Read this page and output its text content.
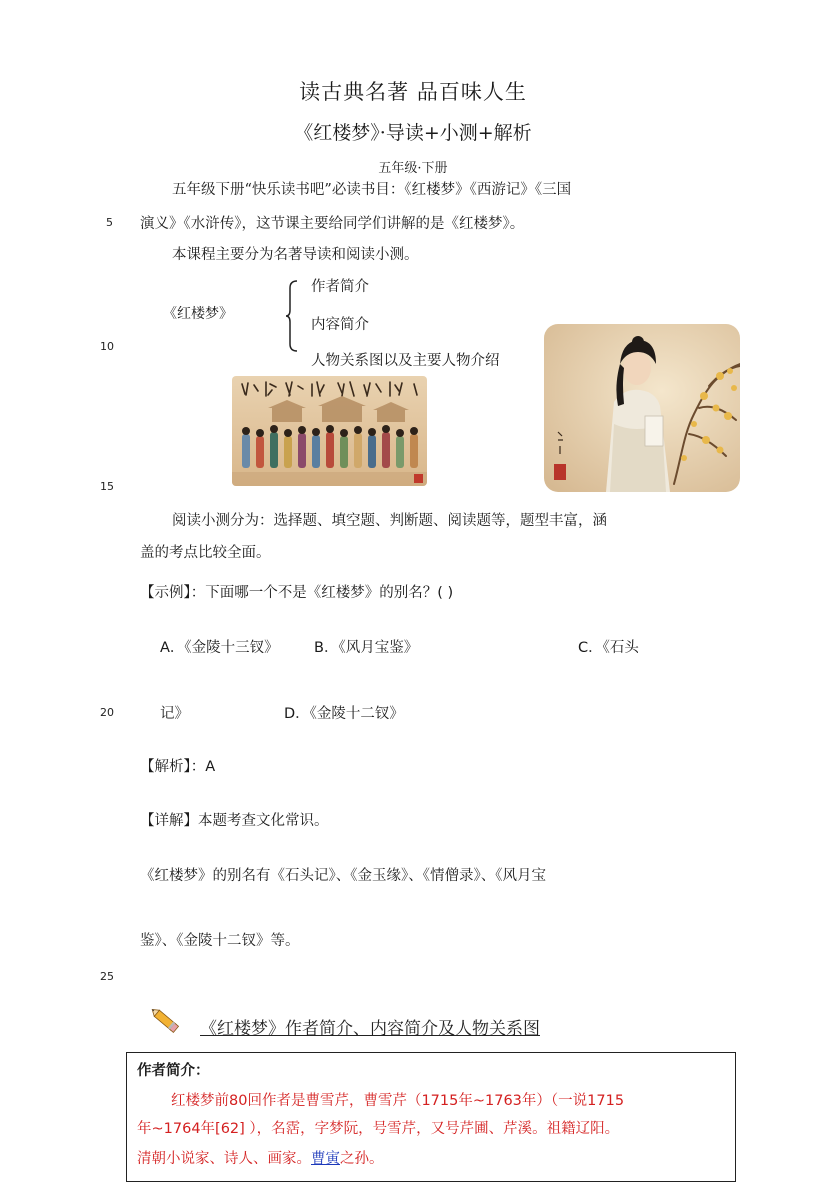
读古典名著 品百味人生
《红楼梦》·导读+小测+解析
五年级·下册
五年级下册“快乐读书吧”必读书目：《红楼梦》《西游记》《三国
演义》《水浒传》，这节课主要给同学们讲解的是《红楼梦》。
本课程主要分为名著导读和阅读小测。
5
10
15
20
25
《红楼梦》
作者简介
内容简介
人物关系图以及主要人物介绍
阅读小测分为：选择题、填空题、判断题、阅读题等，题型丰富，涵
盖的考点比较全面。
【示例】：下面哪一个不是《红楼梦》的别名？( )
A．《金陵十三钗》 B．《风月宝鉴》	C．《石头
记》	D．《金陵十二钗》
【解析】：A
【详解】本题考查文化常识。
《红楼梦》的别名有《石头记》、《金玉缘》、《情僧录》、《风月宝
鉴》、《金陵十二钗》等。
《红楼梦》作者简介、内容简介及人物关系图
作者简介：
红楼梦前80回作者是曹雪芹，曹雪芹（1715年~1763年）（一说1715
年~1764年[62] ），名霑，字梦阮，号雪芹，又号芹圃、芹溪。祖籍辽阳。
清朝小说家、诗人、画家。曹寅之孙。
